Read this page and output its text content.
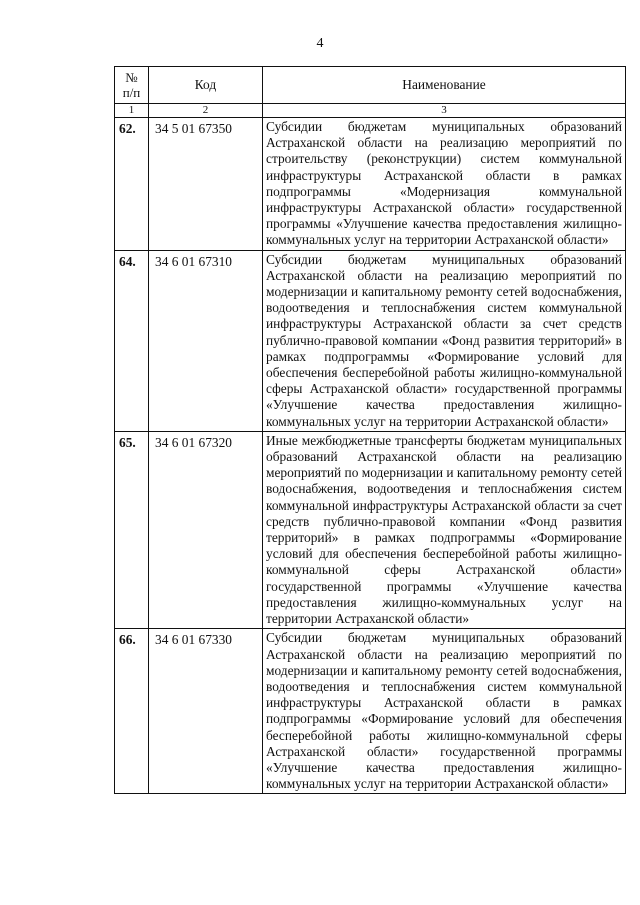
4
№
п/п	Код	Наименование
1	2	3
62.	34 5 01 67350	Субсидии бюджетам муниципальных образований Астраханской области на реализацию мероприятий по строительству (реконструкции) систем коммунальной инфраструктуры Астраханской области в рамках подпрограммы «Модернизация коммунальной инфраструктуры Астраханской области» государственной программы «Улучшение качества предоставления жилищно-коммунальных услуг на территории Астраханской области»
64.	34 6 01 67310	Субсидии бюджетам муниципальных образований Астраханской области на реализацию мероприятий по модернизации и капитальному ремонту сетей водоснабжения, водоотведения и теплоснабжения систем коммунальной инфраструктуры Астраханской области за счет средств публично-правовой компании «Фонд развития территорий» в рамках подпрограммы «Формирование условий для обеспечения бесперебойной работы жилищно-коммунальной сферы Астраханской области» государственной программы «Улучшение качества предоставления жилищно-коммунальных услуг на территории Астраханской области»
65.	34 6 01 67320	Иные межбюджетные трансферты бюджетам муниципальных образований Астраханской области на реализацию мероприятий по модернизации и капитальному ремонту сетей водоснабжения, водоотведения и теплоснабжения систем коммунальной инфраструктуры Астраханской области за счет средств публично-правовой компании «Фонд развития территорий» в рамках подпрограммы «Формирование условий для обеспечения бесперебойной работы жилищно-коммунальной сферы Астраханской области» государственной программы «Улучшение качества предоставления жилищно-коммунальных услуг на территории Астраханской области»
66.	34 6 01 67330	Субсидии бюджетам муниципальных образований Астраханской области на реализацию мероприятий по модернизации и капитальному ремонту сетей водоснабжения, водоотведения и теплоснабжения систем коммунальной инфраструктуры Астраханской области в рамках подпрограммы «Формирование условий для обеспечения бесперебойной работы жилищно-коммунальной сферы Астраханской области» государственной программы «Улучшение качества предоставления жилищно-коммунальных услуг на территории Астраханской области»
